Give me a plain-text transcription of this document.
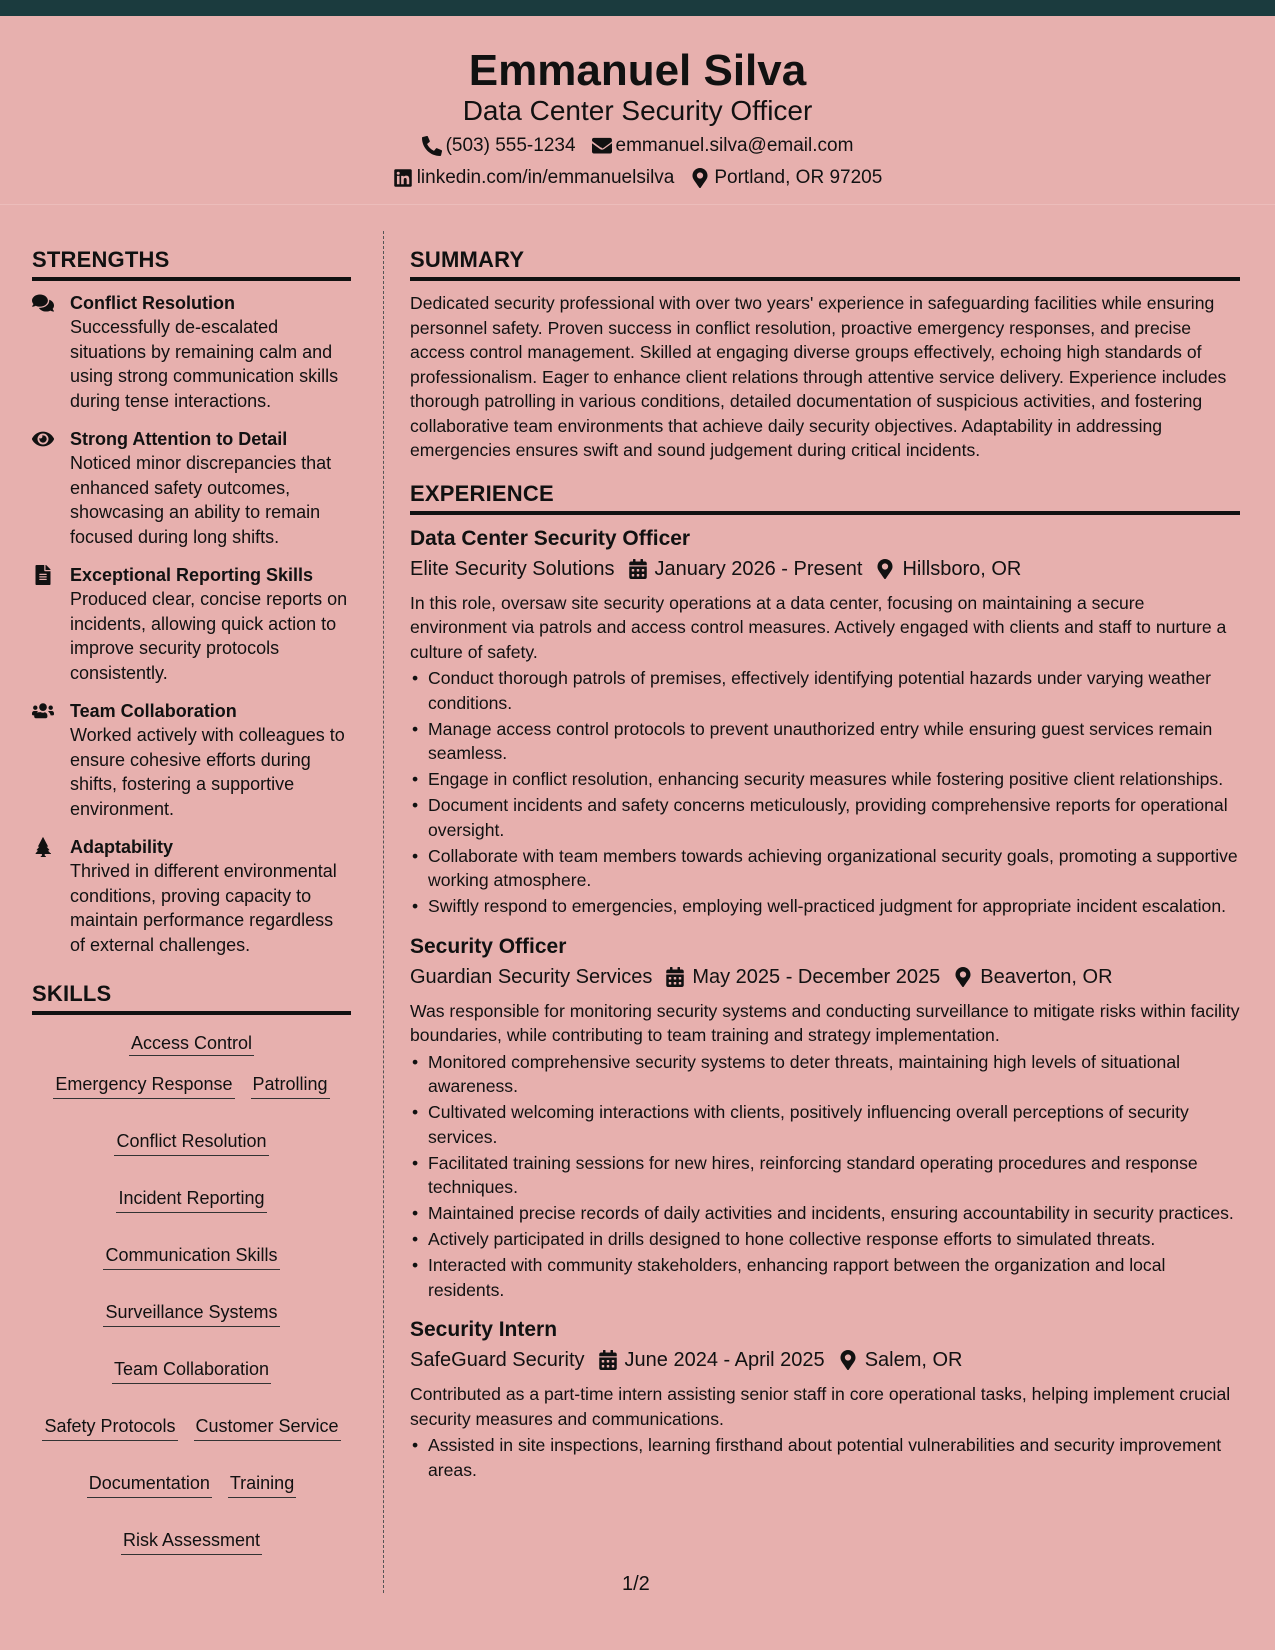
Emmanuel Silva
Data Center Security Officer
(503) 555-1234 emmanuel.silva@email.com
linkedin.com/in/emmanuelsilva Portland, OR 97205
STRENGTHS
Conflict Resolution
Successfully de-escalated situations by remaining calm and using strong communication skills during tense interactions.
Strong Attention to Detail
Noticed minor discrepancies that enhanced safety outcomes, showcasing an ability to remain focused during long shifts.
Exceptional Reporting Skills
Produced clear, concise reports on incidents, allowing quick action to improve security protocols consistently.
Team Collaboration
Worked actively with colleagues to ensure cohesive efforts during shifts, fostering a supportive environment.
Adaptability
Thrived in different environmental conditions, proving capacity to maintain performance regardless of external challenges.
SKILLS
Access Control
Emergency Response Patrolling
Conflict Resolution
Incident Reporting
Communication Skills
Surveillance Systems
Team Collaboration
Safety Protocols Customer Service
Documentation Training
Risk Assessment
SUMMARY
Dedicated security professional with over two years' experience in safeguarding facilities while ensuring personnel safety. Proven success in conflict resolution, proactive emergency responses, and precise access control management. Skilled at engaging diverse groups effectively, echoing high standards of professionalism. Eager to enhance client relations through attentive service delivery. Experience includes thorough patrolling in various conditions, detailed documentation of suspicious activities, and fostering collaborative team environments that achieve daily security objectives. Adaptability in addressing emergencies ensures swift and sound judgement during critical incidents.
EXPERIENCE
Data Center Security Officer
Elite Security Solutions January 2026 - Present Hillsboro, OR
In this role, oversaw site security operations at a data center, focusing on maintaining a secure environment via patrols and access control measures. Actively engaged with clients and staff to nurture a culture of safety.
• Conduct thorough patrols of premises, effectively identifying potential hazards under varying weather conditions.
• Manage access control protocols to prevent unauthorized entry while ensuring guest services remain seamless.
• Engage in conflict resolution, enhancing security measures while fostering positive client relationships.
• Document incidents and safety concerns meticulously, providing comprehensive reports for operational oversight.
• Collaborate with team members towards achieving organizational security goals, promoting a supportive working atmosphere.
• Swiftly respond to emergencies, employing well-practiced judgment for appropriate incident escalation.
Security Officer
Guardian Security Services May 2025 - December 2025 Beaverton, OR
Was responsible for monitoring security systems and conducting surveillance to mitigate risks within facility boundaries, while contributing to team training and strategy implementation.
• Monitored comprehensive security systems to deter threats, maintaining high levels of situational awareness.
• Cultivated welcoming interactions with clients, positively influencing overall perceptions of security services.
• Facilitated training sessions for new hires, reinforcing standard operating procedures and response techniques.
• Maintained precise records of daily activities and incidents, ensuring accountability in security practices.
• Actively participated in drills designed to hone collective response efforts to simulated threats.
• Interacted with community stakeholders, enhancing rapport between the organization and local residents.
Security Intern
SafeGuard Security June 2024 - April 2025 Salem, OR
Contributed as a part-time intern assisting senior staff in core operational tasks, helping implement crucial security measures and communications.
• Assisted in site inspections, learning firsthand about potential vulnerabilities and security improvement areas.
1/2
